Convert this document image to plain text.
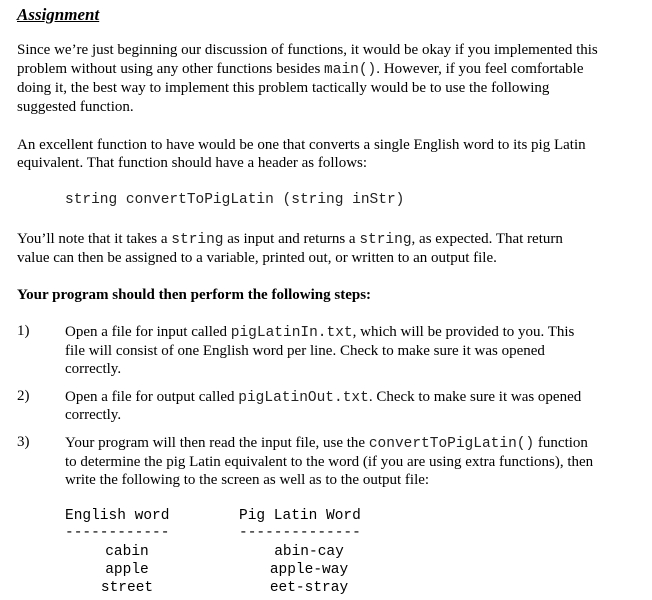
Assignment
Since we’re just beginning our discussion of functions, it would be okay if you implemented this
problem without using any other functions besides main(). However, if you feel comfortable
doing it, the best way to implement this problem tactically would be to use the following
suggested function.
An excellent function to have would be one that converts a single English word to its pig Latin
equivalent. That function should have a header as follows:
string convertToPigLatin (string inStr)
You’ll note that it takes a string as input and returns a string, as expected. That return
value can then be assigned to a variable, printed out, or written to an output file.
Your program should then perform the following steps:
1) Open a file for input called pigLatinIn.txt, which will be provided to you. This
file will consist of one English word per line. Check to make sure it was opened
correctly.
2) Open a file for output called pigLatinOut.txt. Check to make sure it was opened
correctly.
3) Your program will then read the input file, use the convertToPigLatin() function
to determine the pig Latin equivalent to the word (if you are using extra functions), then
write the following to the screen as well as to the output file:
English word	Pig Latin Word
------------	--------------
cabin	abin-cay
apple	apple-way
street	eet-stray
